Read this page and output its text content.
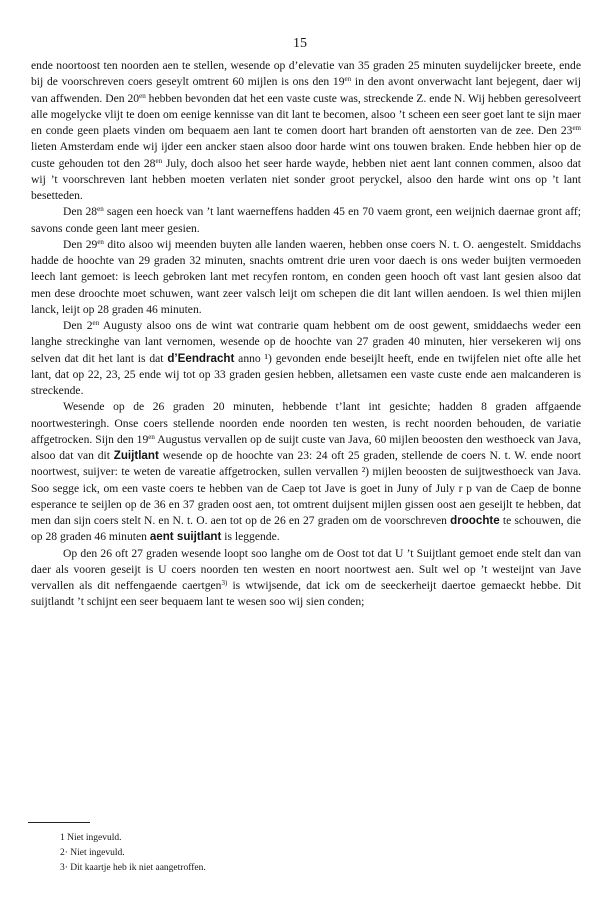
15

ende noortoost ten noorden aen te stellen, wesende op d’elevatie van 35 graden 25 minuten suydelijcker breete, ende bij de voorschreven coers geseylt omtrent 60 mijlen is ons den $19^{en}$ in den avont onverwacht lant bejegent, daer wij van affwenden. Den $20^{en}$ hebben bevonden dat het een vaste custe was, streckende Z. ende N. Wij hebben geresolveert alle mogelycke vlijt te doen om eenige kennisse van dit lant te becomen, alsoo ’t scheen een seer goet lant te sijn maer en conde geen plaets vinden om bequaem aen lant te comen doort hart branden oft aenstorten van de zee. Den $23^{em}$ lieten Amsterdam ende wij ijder een ancker staen alsoo door harde wint ons touwen braken. Ende hebben hier op de custe gehouden tot den $28^{en}$ July, doch alsoo het seer harde wayde, hebben niet aent lant connen commen, alsoo dat wij ’t voorschreven lant hebben moeten verlaten niet sonder groot peryckel, alsoo den harde wint ons op ’t lant besetteden.

Den $28^{en}$ sagen een hoeck van ’t lant waerneffens hadden 45 en 70 vaem gront, een weijnich daernae gront aff; savons conde geen lant meer gesien.

Den $29^{en}$ dito alsoo wij meenden buyten alle landen waeren, hebben onse coers N. t. O. aengestelt. Smiddachs hadde de hoochte van 29 graden 32 minuten, snachts omtrent drie uren voor daech is ons weder buijten vermoeden leech lant gemoet: is leech gebroken lant met recyfen rontom, en conden geen hooch oft vast lant gesien alsoo dat men dese droochte moet schuwen, want zeer valsch leijt om schepen die dit lant willen aendoen. Is wel thien mijlen lanck, leijt op 28 graden 46 minuten.

Den $2^{en}$ Augusty alsoo ons de wint wat contrarie quam hebbent om de oost gewent, smiddaechs weder een langhe streckinghe van lant vernomen, wesende op de hoochte van 27 graden 40 minuten, hier versekeren wij ons selven dat dit het lant is dat d’Eendracht anno ¹) gevonden ende beseijlt heeft, ende en twijfelen niet ofte alle het lant, dat op 22, 23, 25 ende wij tot op 33 graden gesien hebben, alletsamen een vaste custe ende aen malcanderen is streckende.

Wesende op de 26 graden 20 minuten, hebbende t’lant int gesichte; hadden 8 graden affgaende noortwesteringh. Onse coers stellende noorden ende noorden ten westen, is recht noorden behouden, de variatie affgetrocken. Sijn den $19^{en}$ Augustus vervallen op de suijt custe van Java, 60 mijlen beoosten den westhoeck van Java, alsoo dat van dit Zuijtlant wesende op de hoochte van 23: 24 oft 25 graden, stellende de coers N. t. W. ende noort noortwest, suijver: te weten de vareatie affgetrocken, sullen vervallen ²) mijlen beoosten de suijtwesthoeck van Java. Soo segge ick, om een vaste coers te hebben van de Caep tot Jave is goet in Juny of July r p van de Caep de bonne esperance te seijlen op de 36 en 37 graden oost aen, tot omtrent duijsent mijlen gissen oost aen geseijlt te hebben, dat men dan sijn coers stelt N. en N. t. O. aen tot op de 26 en 27 graden om de voorschreven droochte te schouwen, die op 28 graden 46 minuten aent suijtlant is leggende.

Op den 26 oft 27 graden wesende loopt soo langhe om de Oost tot dat U ’t Suijtlant gemoet ende stelt dan van daer als vooren geseijt is U coers noorden ten westen en noort noortwest aen. Sult wel op ’t westeijnt van Jave vervallen als dit neffengaende caertgen$^{3)}$ is wtwijsende, dat ick om de seeckerheijt daertoe gemaeckt hebbe. Dit suijtlandt ’t schijnt een seer bequaem lant te wesen soo wij sien conden;

1 Niet ingevuld.
2· Niet ingevuld.
3· Dit kaartje heb ik niet aangetroffen.
